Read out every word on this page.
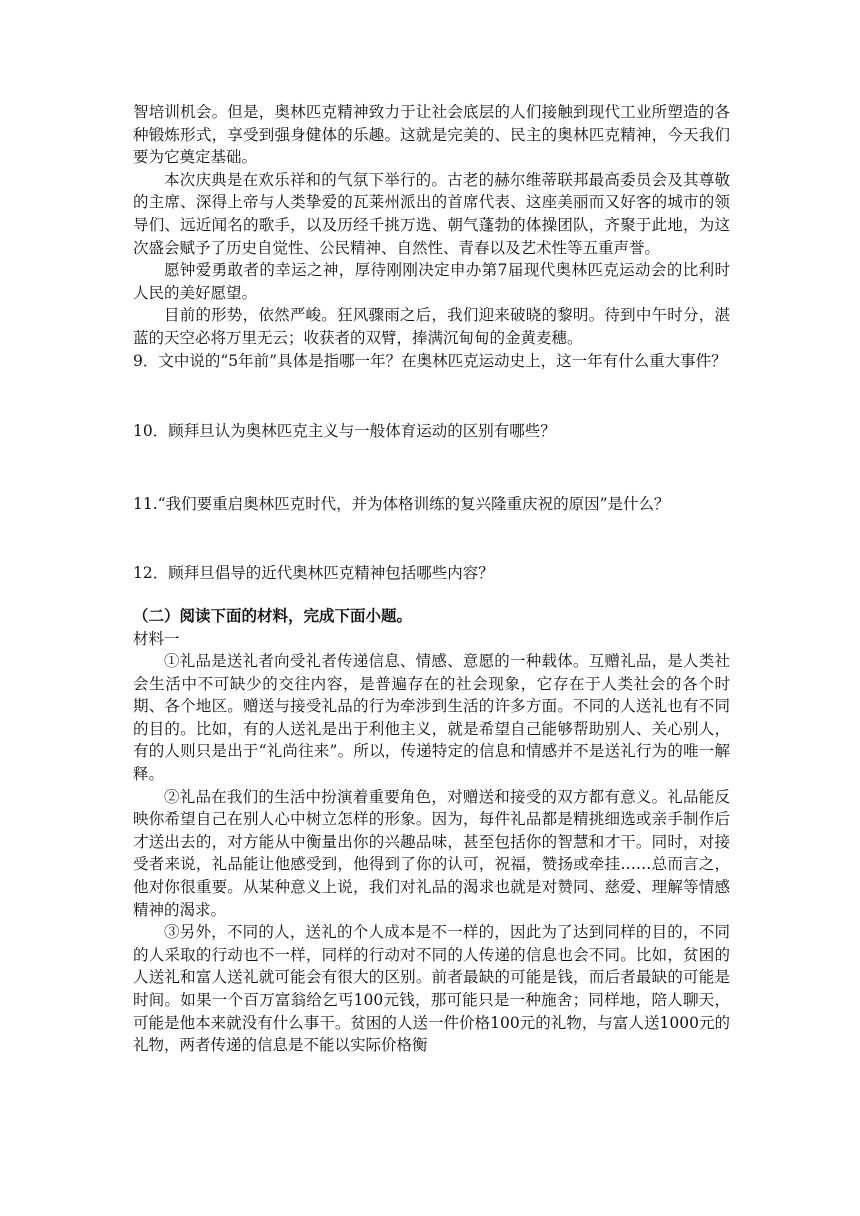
智培训机会。但是，奥林匹克精神致力于让社会底层的人们接触到现代工业所塑造的各种锻炼形式，享受到强身健体的乐趣。这就是完美的、民主的奥林匹克精神，今天我们要为它奠定基础。

本次庆典是在欢乐祥和的气氛下举行的。古老的赫尔维蒂联邦最高委员会及其尊敬的主席、深得上帝与人类挚爱的瓦莱州派出的首席代表、这座美丽而又好客的城市的领导们、远近闻名的歌手，以及历经千挑万选、朝气蓬勃的体操团队，齐聚于此地，为这次盛会赋予了历史自觉性、公民精神、自然性、青春以及艺术性等五重声誉。

愿钟爱勇敢者的幸运之神，厚待刚刚决定申办第7届现代奥林匹克运动会的比利时人民的美好愿望。

目前的形势，依然严峻。狂风骤雨之后，我们迎来破晓的黎明。待到中午时分，湛蓝的天空必将万里无云；收获者的双臂，捧满沉甸甸的金黄麦穗。

9．文中说的“5年前”具体是指哪一年？在奥林匹克运动史上，这一年有什么重大事件？

10．顾拜旦认为奥林匹克主义与一般体育运动的区别有哪些？

11.“我们要重启奥林匹克时代，并为体格训练的复兴隆重庆祝的原因”是什么？

12．顾拜旦倡导的近代奥林匹克精神包括哪些内容？

（二）阅读下面的材料，完成下面小题。

材料一

①礼品是送礼者向受礼者传递信息、情感、意愿的一种载体。互赠礼品，是人类社会生活中不可缺少的交往内容，是普遍存在的社会现象，它存在于人类社会的各个时期、各个地区。赠送与接受礼品的行为牵涉到生活的许多方面。不同的人送礼也有不同的目的。比如，有的人送礼是出于利他主义，就是希望自己能够帮助别人、关心别人，有的人则只是出于“礼尚往来”。所以，传递特定的信息和情感并不是送礼行为的唯一解释。

②礼品在我们的生活中扮演着重要角色，对赠送和接受的双方都有意义。礼品能反映你希望自己在别人心中树立怎样的形象。因为，每件礼品都是精挑细选或亲手制作后才送出去的，对方能从中衡量出你的兴趣品味，甚至包括你的智慧和才干。同时，对接受者来说，礼品能让他感受到，他得到了你的认可，祝福，赞扬或牵挂……总而言之，他对你很重要。从某种意义上说，我们对礼品的渴求也就是对赞同、慈爱、理解等情感精神的渴求。

③另外，不同的人，送礼的个人成本是不一样的，因此为了达到同样的目的，不同的人采取的行动也不一样，同样的行动对不同的人传递的信息也会不同。比如，贫困的人送礼和富人送礼就可能会有很大的区别。前者最缺的可能是钱，而后者最缺的可能是时间。如果一个百万富翁给乞丐100元钱，那可能只是一种施舍；同样地，陪人聊天，可能是他本来就没有什么事干。贫困的人送一件价格100元的礼物，与富人送1000元的礼物，两者传递的信息是不能以实际价格衡
